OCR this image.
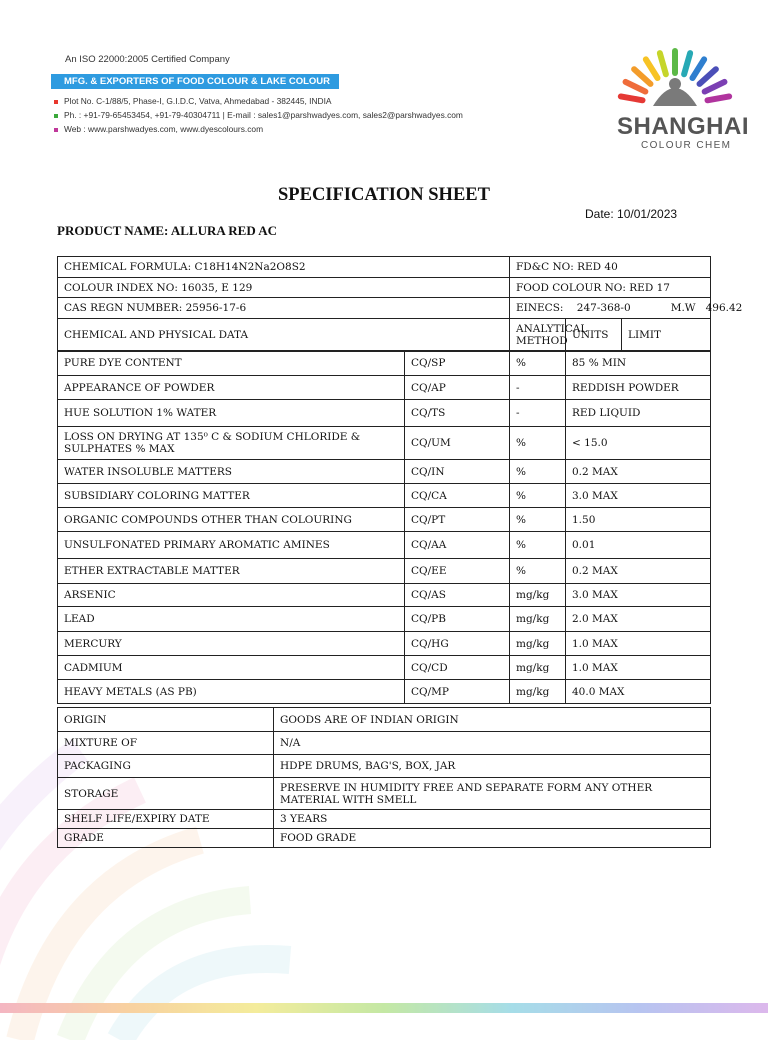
An ISO 22000:2005 Certified Company
MFG. & EXPORTERS OF FOOD COLOUR & LAKE COLOUR
Plot No. C-1/88/5, Phase-I, G.I.D.C, Vatva, Ahmedabad - 382445, INDIA
Ph. : +91-79-65453454, +91-79-40304711 | E-mail : sales1@parshwadyes.com, sales2@parshwadyes.com
Web : www.parshwadyes.com, www.dyescolours.com	SHANGHAI
COLOUR CHEM
SPECIFICATION SHEET
Date: 10/01/2023
PRODUCT NAME: ALLURA RED AC
CHEMICAL FORMULA: C18H14N2Na2O8S2	FD&C NO: RED 40	
COLOUR INDEX NO: 16035, E 129	FOOD COLOUR NO: RED 17	
CAS REGN NUMBER: 25956-17-6	EINECS:    247-368-0            M.W   496.42	
CHEMICAL AND PHYSICAL DATA	ANALYTICAL METHOD	UNITS LIMIT
PURE DYE CONTENT	CQ/SP	%	85 % MIN
APPEARANCE OF POWDER	CQ/AP	-	REDDISH POWDER
HUE SOLUTION 1% WATER	CQ/TS	-	RED LIQUID
LOSS ON DRYING AT 135⁰ C & SODIUM CHLORIDE & SULPHATES % MAX	CQ/UM	%	< 15.0
WATER INSOLUBLE MATTERS	CQ/IN	%	0.2 MAX
SUBSIDIARY COLORING MATTER	CQ/CA	%	3.0 MAX
ORGANIC COMPOUNDS OTHER THAN COLOURING	CQ/PT	%	1.50
UNSULFONATED PRIMARY AROMATIC AMINES	CQ/AA	%	0.01
ETHER EXTRACTABLE MATTER	CQ/EE	%	0.2 MAX
ARSENIC	CQ/AS	mg/kg	3.0 MAX
LEAD	CQ/PB	mg/kg	2.0 MAX
MERCURY	CQ/HG	mg/kg	1.0 MAX
CADMIUM	CQ/CD	mg/kg	1.0 MAX
HEAVY METALS (AS PB)	CQ/MP	mg/kg	40.0 MAX
ORIGIN	GOODS ARE OF INDIAN ORIGIN
MIXTURE OF	N/A
PACKAGING	HDPE DRUMS, BAG'S, BOX, JAR
STORAGE	PRESERVE IN HUMIDITY FREE AND SEPARATE FORM ANY OTHER MATERIAL WITH SMELL
SHELF LIFE/EXPIRY DATE	3 YEARS
GRADE	FOOD GRADE
